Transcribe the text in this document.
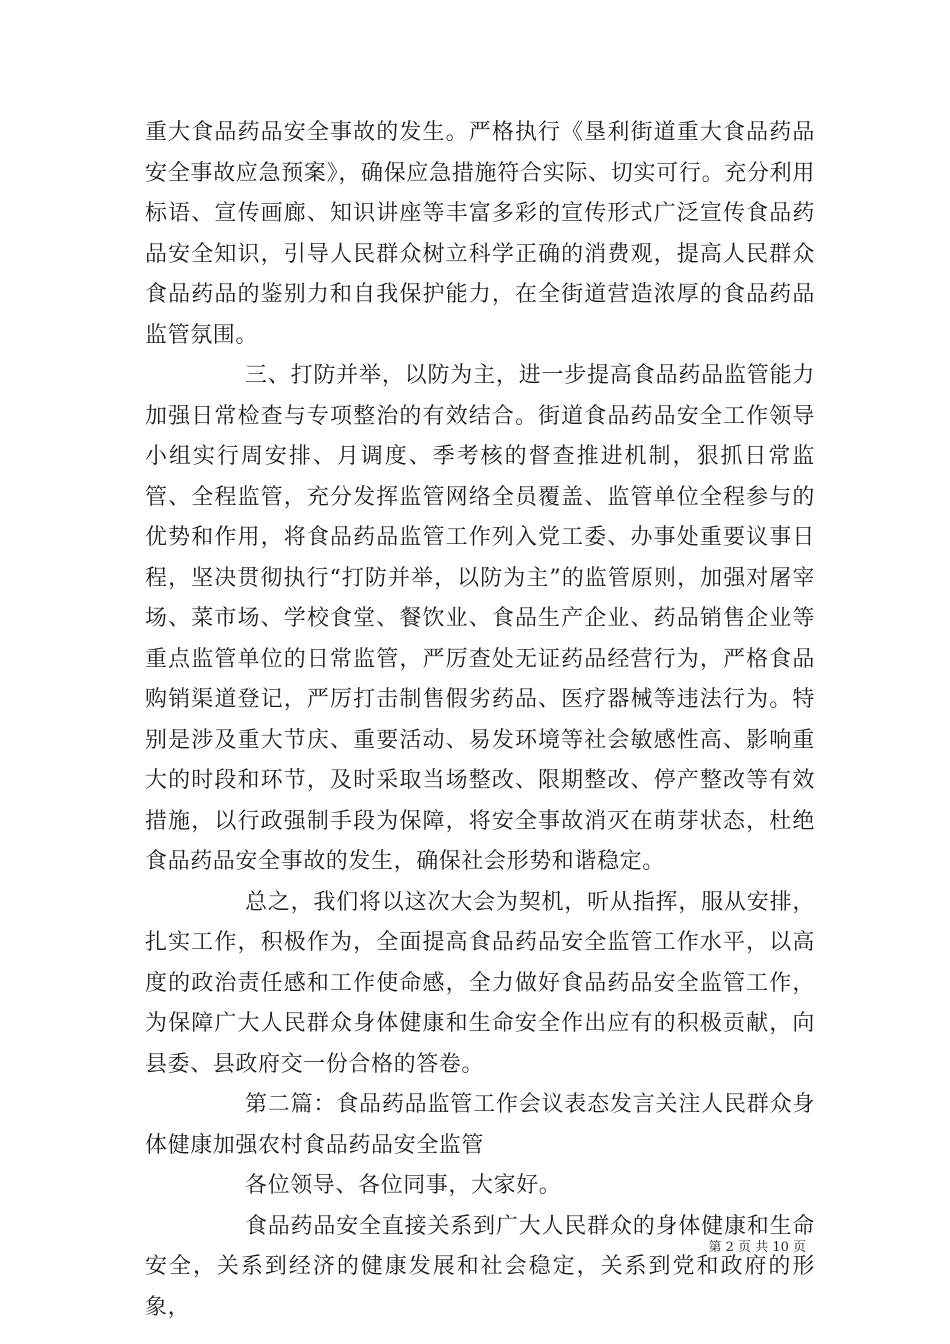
重大食品药品安全事故的发生。严格执行《垦利街道重大食品药品安全事故应急预案》，确保应急措施符合实际、切实可行。充分利用标语、宣传画廊、知识讲座等丰富多彩的宣传形式广泛宣传食品药品安全知识，引导人民群众树立科学正确的消费观，提高人民群众食品药品的鉴别力和自我保护能力，在全街道营造浓厚的食品药品监管氛围。

三、打防并举，以防为主，进一步提高食品药品监管能力加强日常检查与专项整治的有效结合。街道食品药品安全工作领导小组实行周安排、月调度、季考核的督查推进机制，狠抓日常监管、全程监管，充分发挥监管网络全员覆盖、监管单位全程参与的优势和作用，将食品药品监管工作列入党工委、办事处重要议事日程，坚决贯彻执行“打防并举，以防为主”的监管原则，加强对屠宰场、菜市场、学校食堂、餐饮业、食品生产企业、药品销售企业等重点监管单位的日常监管，严厉查处无证药品经营行为，严格食品购销渠道登记，严厉打击制售假劣药品、医疗器械等违法行为。特别是涉及重大节庆、重要活动、易发环境等社会敏感性高、影响重大的时段和环节，及时采取当场整改、限期整改、停产整改等有效措施，以行政强制手段为保障，将安全事故消灭在萌芽状态，杜绝食品药品安全事故的发生，确保社会形势和谐稳定。

总之，我们将以这次大会为契机，听从指挥，服从安排，扎实工作，积极作为，全面提高食品药品安全监管工作水平，以高度的政治责任感和工作使命感，全力做好食品药品安全监管工作，为保障广大人民群众身体健康和生命安全作出应有的积极贡献，向县委、县政府交一份合格的答卷。

第二篇：食品药品监管工作会议表态发言关注人民群众身体健康加强农村食品药品安全监管

各位领导、各位同事，大家好。

食品药品安全直接关系到广大人民群众的身体健康和生命安全，关系到经济的健康发展和社会稳定，关系到党和政府的形象，

第 2 页 共 10 页
